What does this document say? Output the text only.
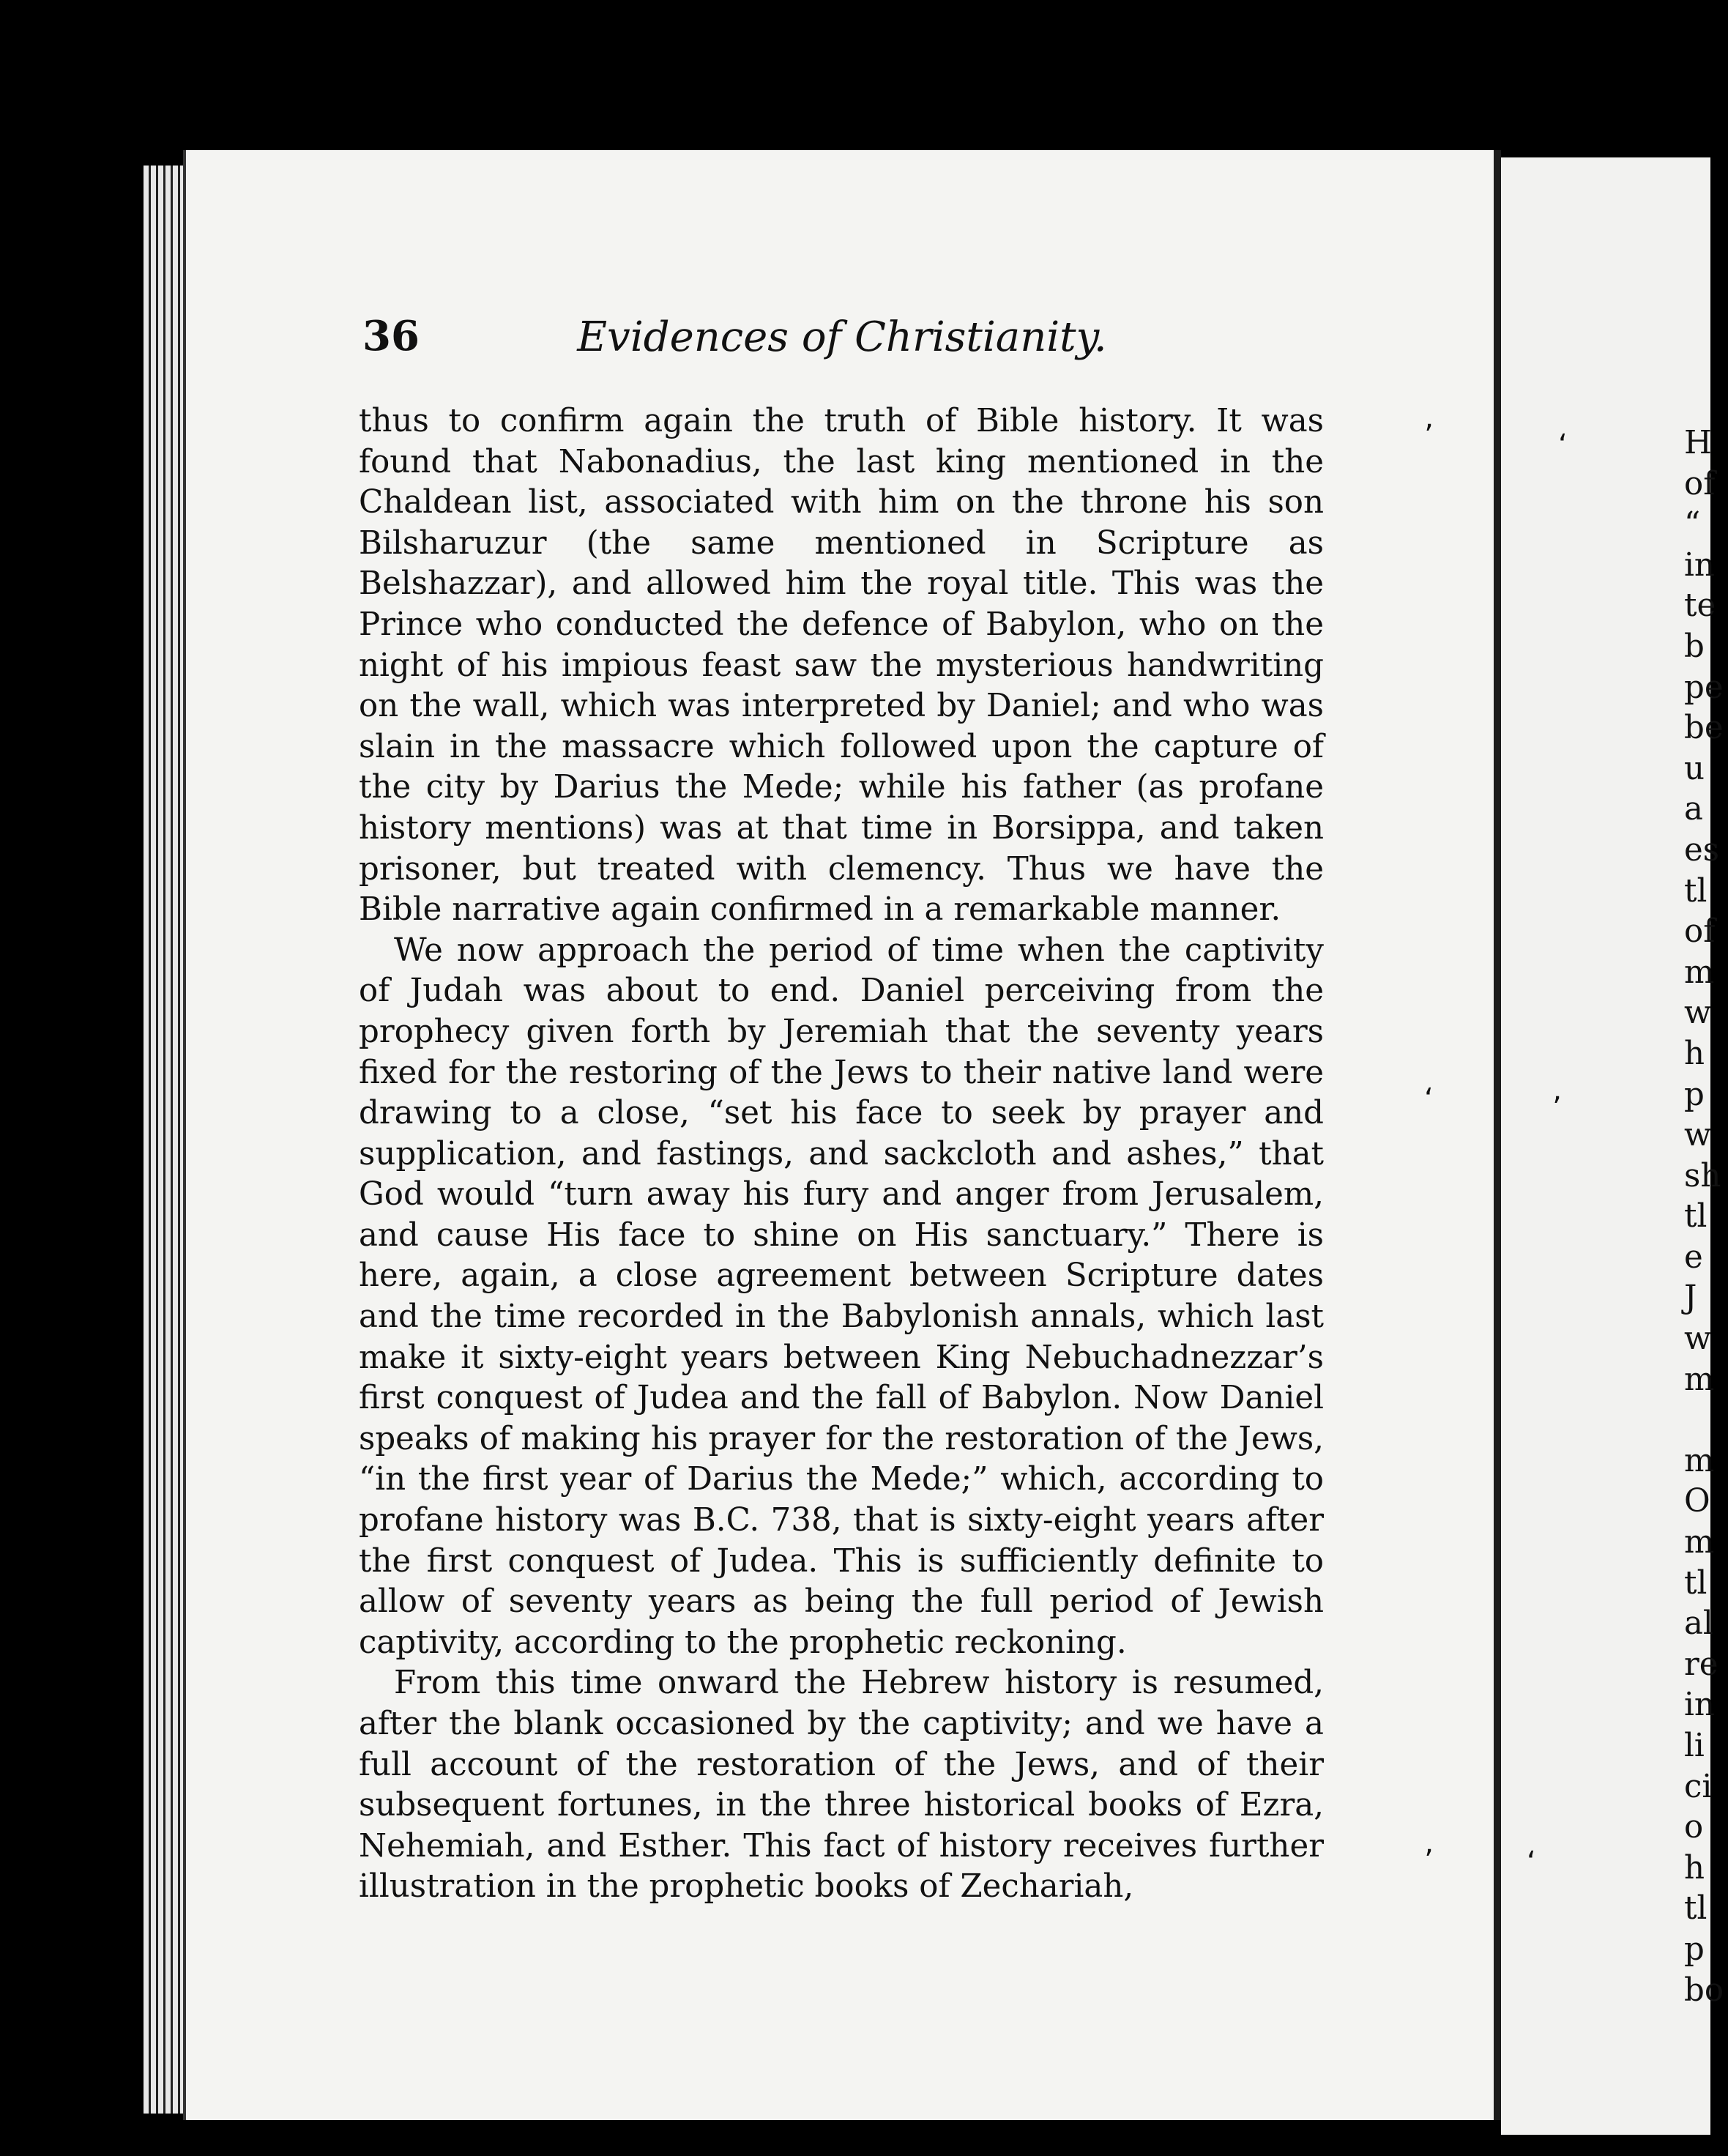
36	Evidences of Christianity.

thus to confirm again the truth of Bible history. It was found that Nabonadius, the last king mentioned in the Chaldean list, associated with him on the throne his son Bilsharuzur (the same mentioned in Scripture as Belshazzar), and allowed him the royal title. This was the Prince who conducted the defence of Babylon, who on the night of his impious feast saw the mysterious handwriting on the wall, which was interpreted by Daniel; and who was slain in the massacre which followed upon the capture of the city by Darius the Mede; while his father (as profane history mentions) was at that time in Borsippa, and taken prisoner, but treated with clemency. Thus we have the Bible narrative again confirmed in a remarkable manner.

We now approach the period of time when the captivity of Judah was about to end. Daniel perceiving from the prophecy given forth by Jeremiah that the seventy years fixed for the restoring of the Jews to their native land were drawing to a close, “set his face to seek by prayer and supplication, and fastings, and sackcloth and ashes,” that God would “turn away his fury and anger from Jerusalem, and cause His face to shine on His sanctuary.” There is here, again, a close agreement between Scripture dates and the time recorded in the Babylonish annals, which last make it sixty-eight years between King Nebuchadnezzar’s first conquest of Judea and the fall of Babylon. Now Daniel speaks of making his prayer for the restoration of the Jews, “in the first year of Darius the Mede;” which, according to profane history was B.C. 738, that is sixty-eight years after the first conquest of Judea. This is sufficiently definite to allow of seventy years as being the full period of Jewish captivity, according to the prophetic reckoning.

From this time onward the Hebrew history is resumed, after the blank occasioned by the captivity; and we have a full account of the restoration of the Jews, and of their subsequent fortunes, in the three historical books of Ezra, Nehemiah, and Esther. This fact of history receives further illustration in the prophetic books of Zechariah,

H
of
“
in
te
b
pe
be
u
a
es
tl
of
m
w
h
p
w
sh
tl
e
J
w
m
m
O
m
tl
al
re
in
li
ci
o
h
tl
p
bo
ʼ	ʻ
ʻ	ʼ
ʼ	ʻ
